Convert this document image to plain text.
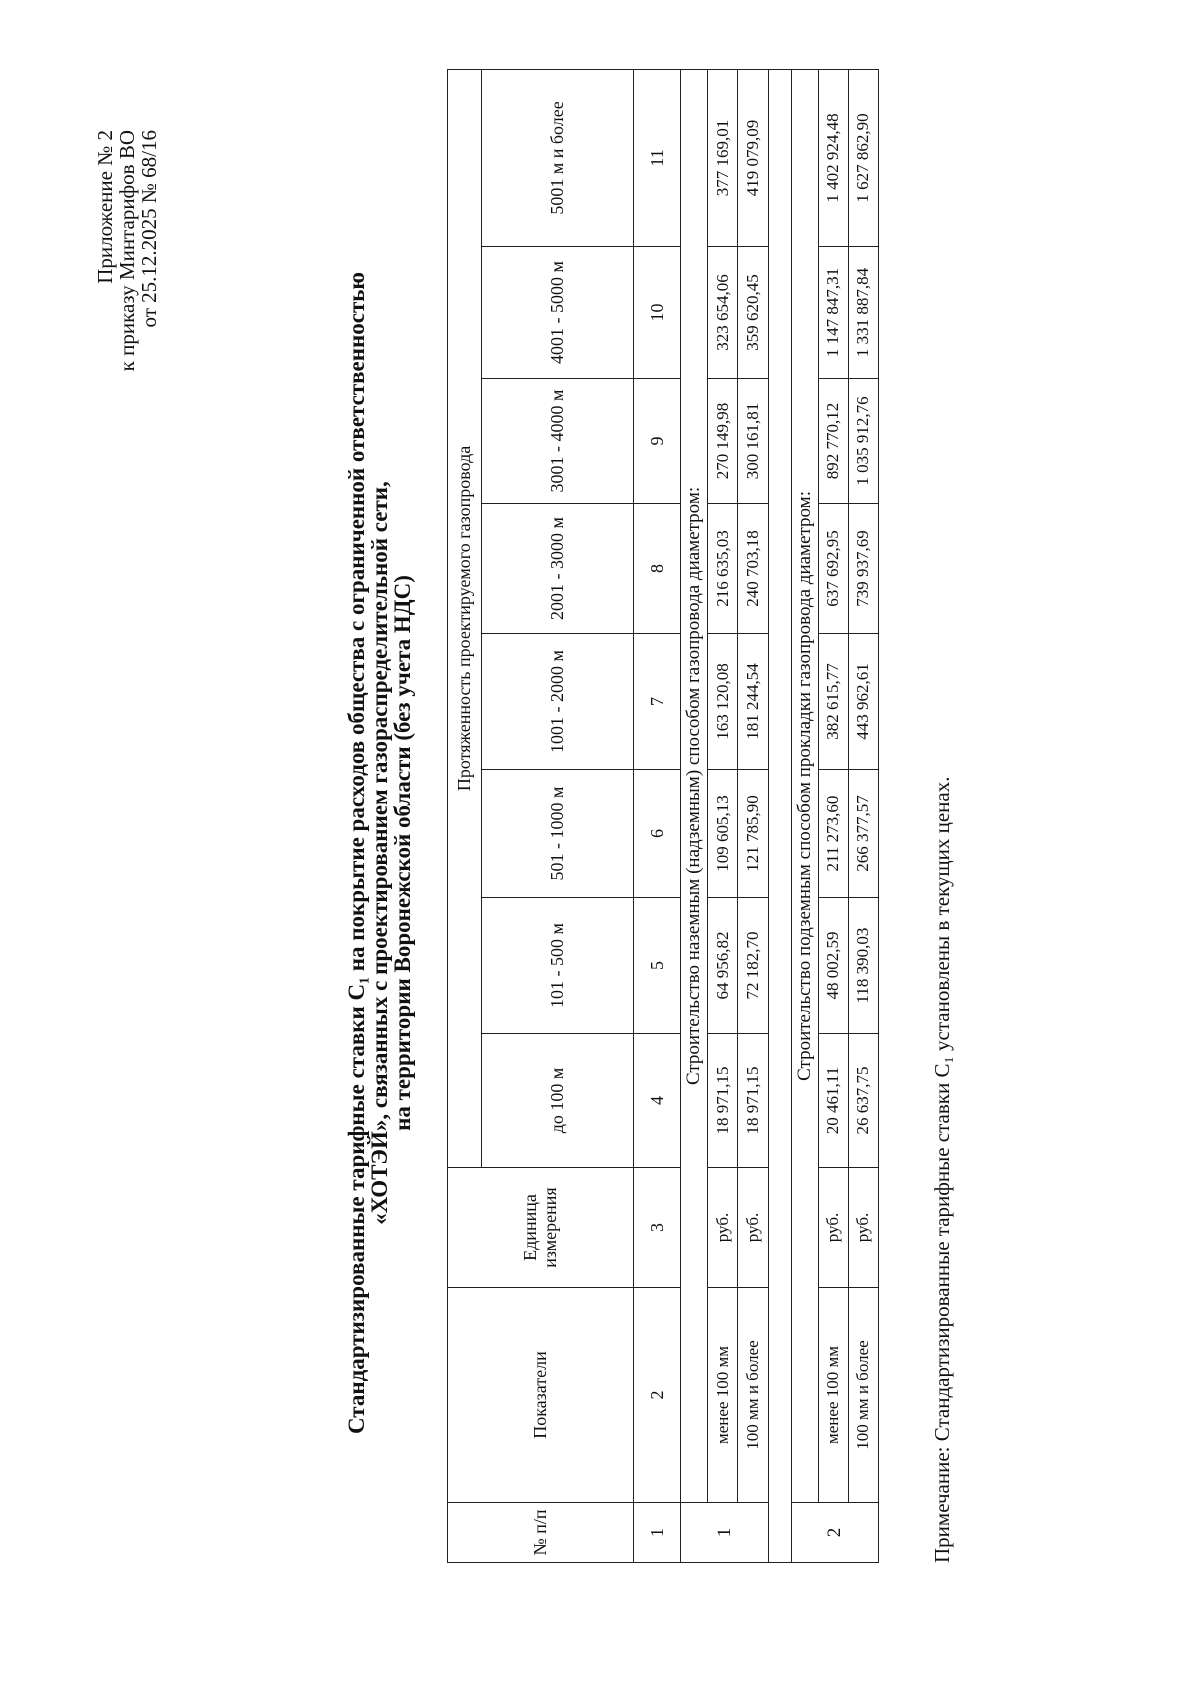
Приложение № 2
к приказу Минтарифов ВО
от 25.12.2025 № 68/16
Стандартизированные тарифные ставки C₁ на покрытие расходов общества с ограниченной ответственностью
«ХОТЭЙ», связанных с проектированием газораспределительной сети,
на территории Воронежской области (без учета НДС)
№ п/п	Показатели	Единица измерения	Протяженность проектируемого газопровода							
			до 100 м	101 - 500 м	501 - 1000 м	1001 - 2000 м	2001 - 3000 м	3001 - 4000 м	4001 - 5000 м	5001 м и более
1	2	3	4	5	6	7	8	9	10	11
1	Строительство наземным (надземным) способом газопровода диаметром:									
	менее 100 мм	руб.	18 971,15	64 956,82	109 605,13	163 120,08	216 635,03	270 149,98	323 654,06	377 169,01
	100 мм и более	руб.	18 971,15	72 182,70	121 785,90	181 244,54	240 703,18	300 161,81	359 620,45	419 079,09

2	Строительство подземным способом прокладки газопровода диаметром:									
	менее 100 мм	руб.	20 461,11	48 002,59	211 273,60	382 615,77	637 692,95	892 770,12	1 147 847,31	1 402 924,48
	100 мм и более	руб.	26 637,75	118 390,03	266 377,57	443 962,61	739 937,69	1 035 912,76	1 331 887,84	1 627 862,90
Примечание: Стандартизированные тарифные ставки C₁ установлены в текущих ценах.
